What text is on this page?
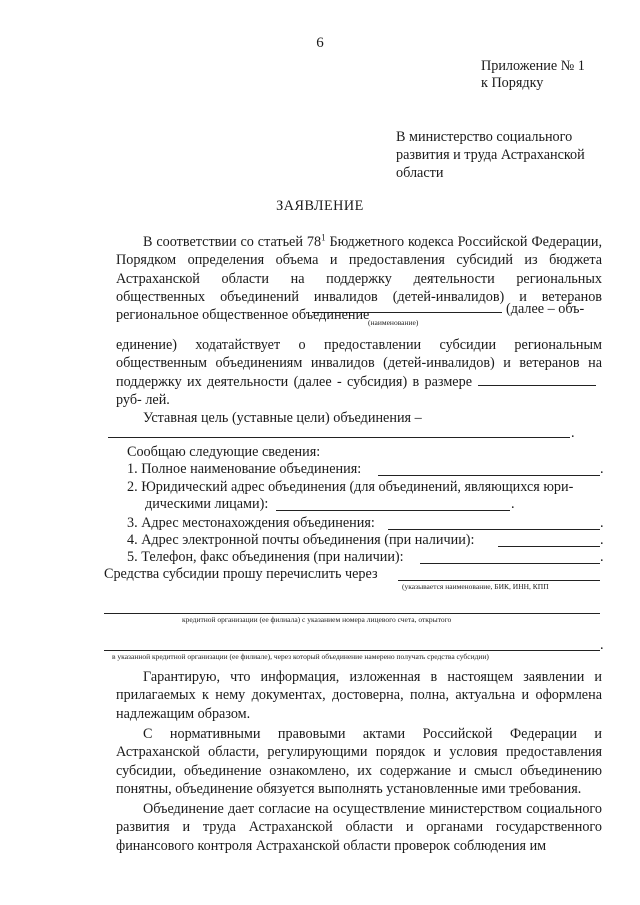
6
Приложение № 1
к Порядку
В министерство социального
развития и труда Астраханской
области
ЗАЯВЛЕНИЕ
В соответствии со статьей $78^1$ Бюджетного кодекса Российской Федерации, Порядком определения объема и предоставления субсидий из бюджета Астраханской области на поддержку деятельности региональных общественных объединений инвалидов (детей-инвалидов) и ветеранов региональное общественное объединение	(далее – объ-
(наименование)
единение) ходатайствует о предоставлении субсидии региональным общественным объединениям инвалидов (детей-инвалидов) и ветеранов на поддержку их деятельности (далее - субсидия) в размереруб- лей.
Уставная цель (уставные цели) объединения –
.
Сообщаю следующие сведения:
1. Полное наименование объединения:	.
2. Юридический адрес объединения (для объединений, являющихся юри-
дическими лицами):	.
3. Адрес местонахождения объединения:	.
4. Адрес электронной почты объединения (при наличии):	.
5. Телефон, факс объединения (при наличии):	.
Средства субсидии прошу перечислить через
(указывается наименование, БИК, ИНН, КПП
кредитной организации (ее филиала) с указанием номера лицевого счета, открытого
.
в указанной кредитной организации (ее филиале), через который объединение намерено получать средства субсидии)
Гарантирую, что информация, изложенная в настоящем заявлении и прилагаемых к нему документах, достоверна, полна, актуальна и оформлена надлежащим образом.
С нормативными правовыми актами Российской Федерации и Астраханской области, регулирующими порядок и условия предоставления субсидии, объединение ознакомлено, их содержание и смысл объединению понятны, объединение обязуется выполнять установленные ими требования.
Объединение дает согласие на осуществление министерством социального развития и труда Астраханской области и органами государственного финансового контроля Астраханской области проверок соблюдения им
